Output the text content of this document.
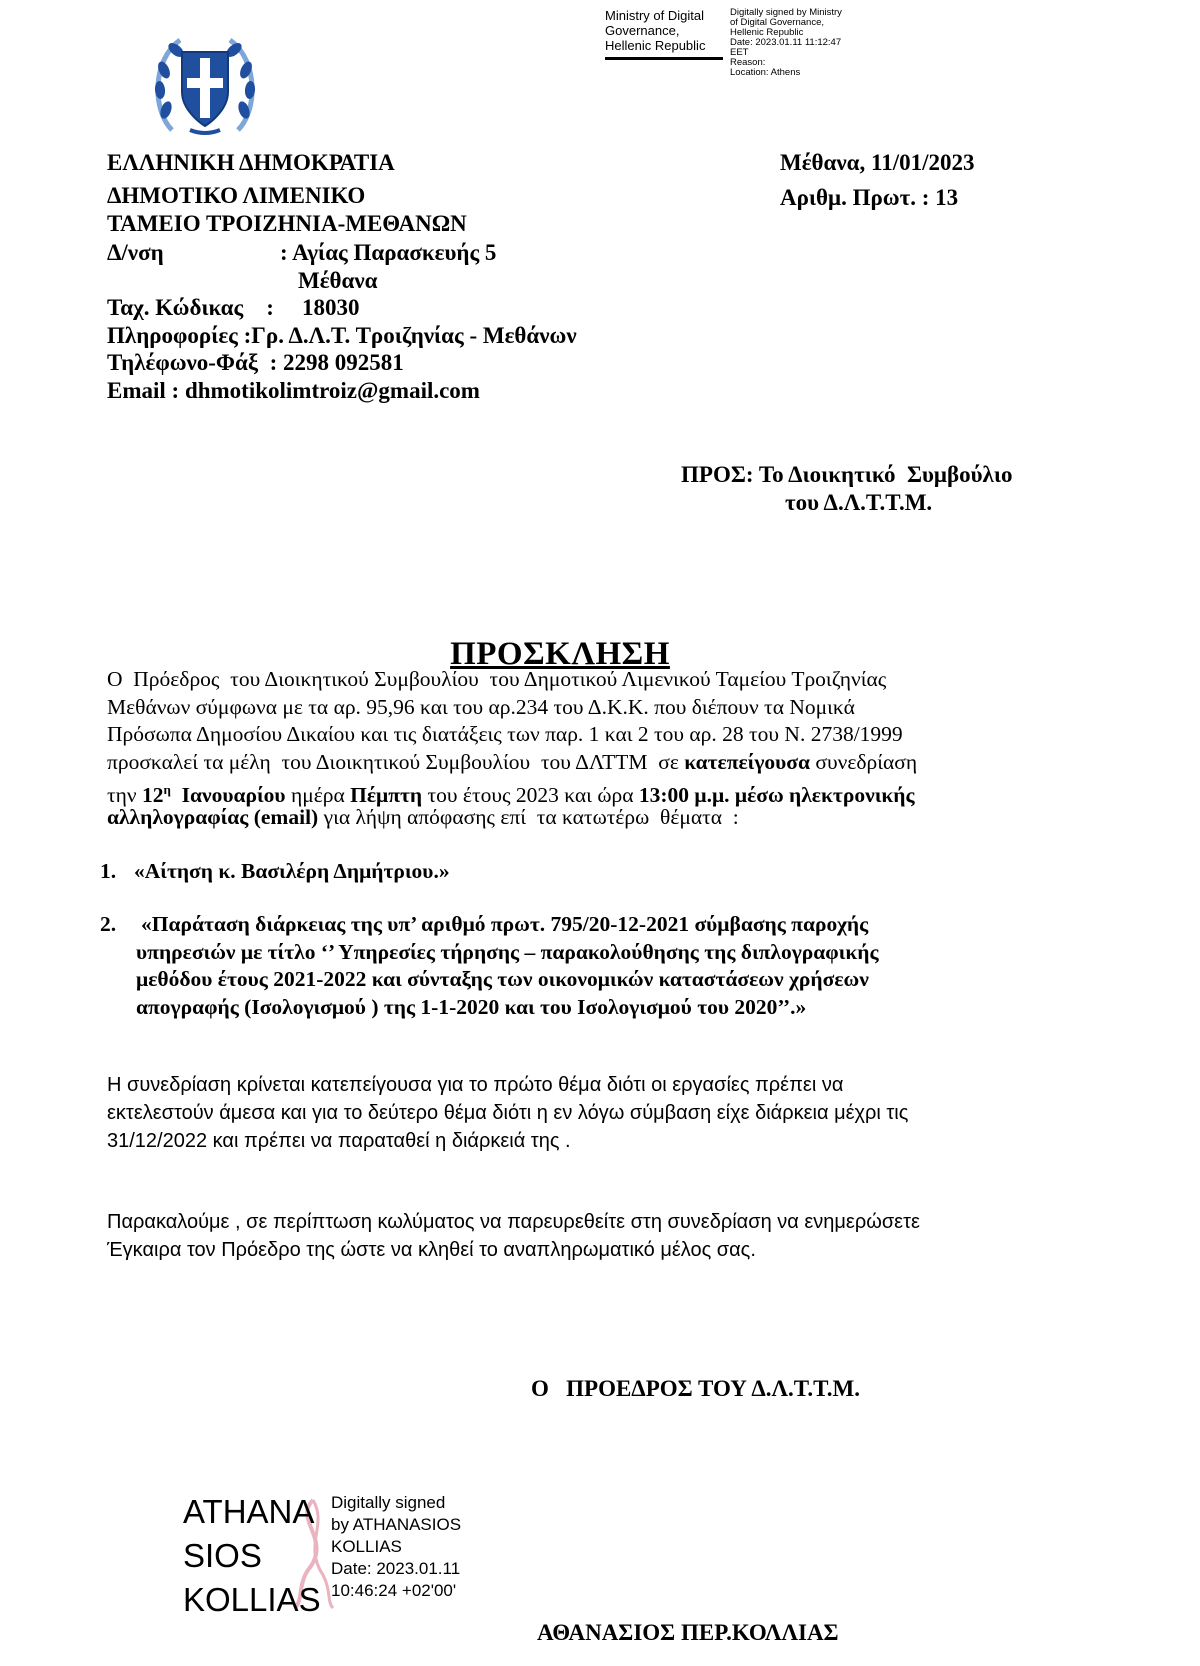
Ministry of Digital
Governance,
Hellenic Republic
Digitally signed by Ministry
of Digital Governance,
Hellenic Republic
Date: 2023.01.11 11:12:47
EET
Reason:
Location: Athens
ΕΛΛΗΝΙΚΗ ΔΗΜΟΚΡΑΤΙΑ
ΔΗΜΟΤΙΚΟ ΛΙΜΕΝΙΚΟ
ΤΑΜΕΙΟ ΤΡΟΙΖΗΝΙΑ-ΜΕΘΑΝΩΝ
Δ/νση	: Αγίας Παρασκευής 5
Μέθανα
Ταχ. Κώδικας    : 18030
Πληροφορίες :Γρ. Δ.Λ.Τ. Τροιζηνίας - Μεθάνων
Τηλέφωνο-Φάξ  : 2298 092581
Email : dhmotikolimtroiz@gmail.com
Μέθανα, 11/01/2023
Αριθμ. Πρωτ. : 13
ΠΡΟΣ: Το Διοικητικό  Συμβούλιο
του Δ.Λ.Τ.Τ.Μ.
ΠΡΟΣΚΛΗΣΗ
Ο  Πρόεδρος  του Διοικητικού Συμβουλίου  του Δημοτικού Λιμενικού Ταμείου Τροιζηνίας
Μεθάνων σύμφωνα με τα αρ. 95,96 και του αρ.234 του Δ.Κ.Κ. που διέπουν τα Νομικά
Πρόσωπα Δημοσίου Δικαίου και τις διατάξεις των παρ. 1 και 2 του αρ. 28 του Ν. 2738/1999
προσκαλεί τα μέλη  του Διοικητικού Συμβουλίου  του ΔΛΤΤΜ  σε κατεπείγουσα συνεδρίαση
την $12^\eta$  Ιανουαρίου ημέρα Πέμπτη του έτους 2023 και ώρα 13:00 μ.μ. μέσω ηλεκτρονικής
αλληλογραφίας (email) για λήψη απόφασης επί  τα κατωτέρω  θέματα  :
1. «Αίτηση κ. Βασιλέρη Δημήτριου.»
2. «Παράταση διάρκειας της υπ’ αριθμό πρωτ. 795/20-12-2021 σύμβασης παροχής
υπηρεσιών με τίτλο ‘’ Υπηρεσίες τήρησης – παρακολούθησης της διπλογραφικής
μεθόδου έτους 2021-2022 και σύνταξης των οικονομικών καταστάσεων χρήσεων
απογραφής (Ισολογισμού ) της 1-1-2020 και του Ισολογισμού του 2020’’.»
Η συνεδρίαση κρίνεται κατεπείγουσα για το πρώτο θέμα διότι οι εργασίες πρέπει να
εκτελεστούν άμεσα και για το δεύτερο θέμα διότι η εν λόγω σύμβαση είχε διάρκεια μέχρι τις
31/12/2022 και πρέπει να παραταθεί η διάρκειά της .
Παρακαλούμε , σε περίπτωση κωλύματος να παρευρεθείτε στη συνεδρίαση να ενημερώσετε
Έγκαιρα τον Πρόεδρο της ώστε να κληθεί το αναπληρωματικό μέλος σας.
Ο   ΠΡΟΕΔΡΟΣ ΤΟΥ Δ.Λ.Τ.Τ.Μ.
ATHANA
SIOS
KOLLIAS
Digitally signed
by ATHANASIOS
KOLLIAS
Date: 2023.01.11
10:46:24 +02'00'
ΑΘΑΝΑΣΙΟΣ ΠΕΡ.ΚΟΛΛΙΑΣ
